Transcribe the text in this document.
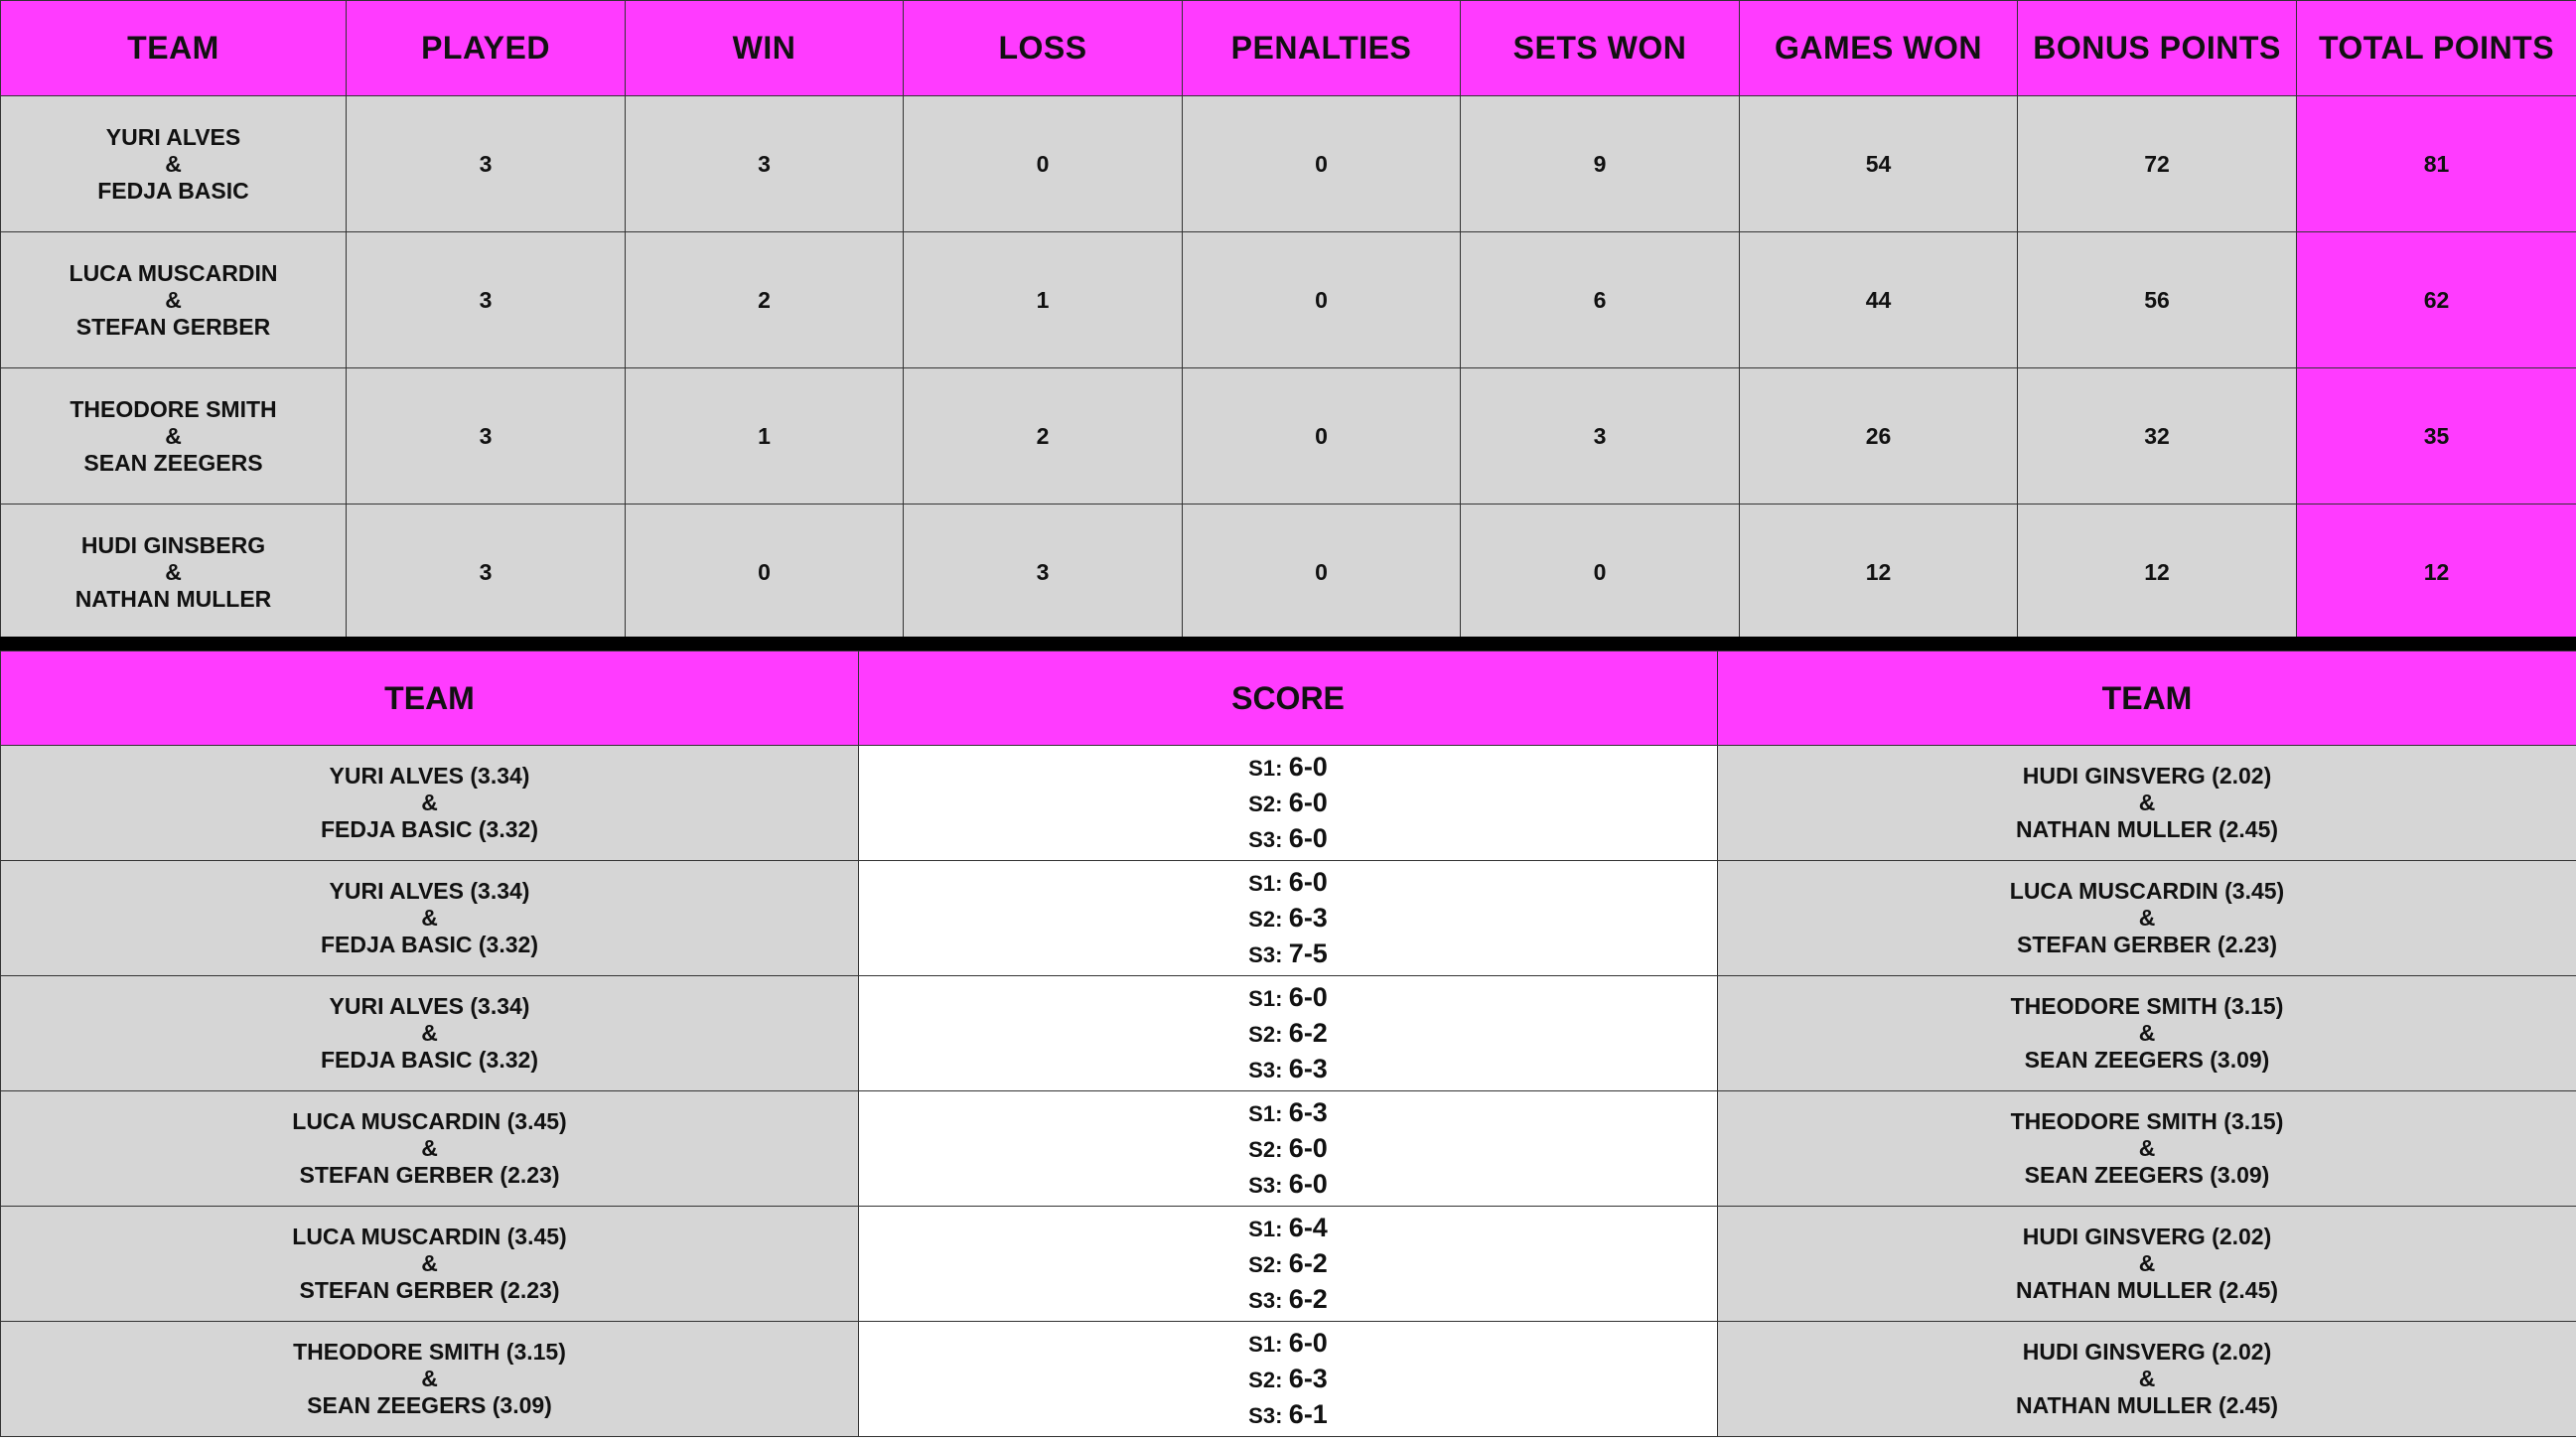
TEAM	PLAYED	WIN	LOSS	PENALTIES	SETS WON	GAMES WON	BONUS POINTS	TOTAL POINTS

YURI ALVES
&
FEDJA BASIC	3	3	0	0	9	54	72	81

LUCA MUSCARDIN
&
STEFAN GERBER	3	2	1	0	6	44	56	62

THEODORE SMITH
&
SEAN ZEEGERS	3	1	2	0	3	26	32	35

HUDI GINSBERG
&
NATHAN MULLER	3	0	3	0	0	12	12	12
TEAM	SCORE	TEAM

YURI ALVES (3.34)
&
FEDJA BASIC (3.32)	S1: 6-0
S2: 6-0
S3: 6-0	HUDI GINSVERG (2.02)
&
NATHAN MULLER (2.45)

YURI ALVES (3.34)
&
FEDJA BASIC (3.32)	S1: 6-0
S2: 6-3
S3: 7-5	LUCA MUSCARDIN (3.45)
&
STEFAN GERBER (2.23)

YURI ALVES (3.34)
&
FEDJA BASIC (3.32)	S1: 6-0
S2: 6-2
S3: 6-3	THEODORE SMITH (3.15)
&
SEAN ZEEGERS (3.09)

LUCA MUSCARDIN (3.45)
&
STEFAN GERBER (2.23)	S1: 6-3
S2: 6-0
S3: 6-0	THEODORE SMITH (3.15)
&
SEAN ZEEGERS (3.09)

LUCA MUSCARDIN (3.45)
&
STEFAN GERBER (2.23)	S1: 6-4
S2: 6-2
S3: 6-2	HUDI GINSVERG (2.02)
&
NATHAN MULLER (2.45)

THEODORE SMITH (3.15)
&
SEAN ZEEGERS (3.09)	S1: 6-0
S2: 6-3
S3: 6-1	HUDI GINSVERG (2.02)
&
NATHAN MULLER (2.45)
